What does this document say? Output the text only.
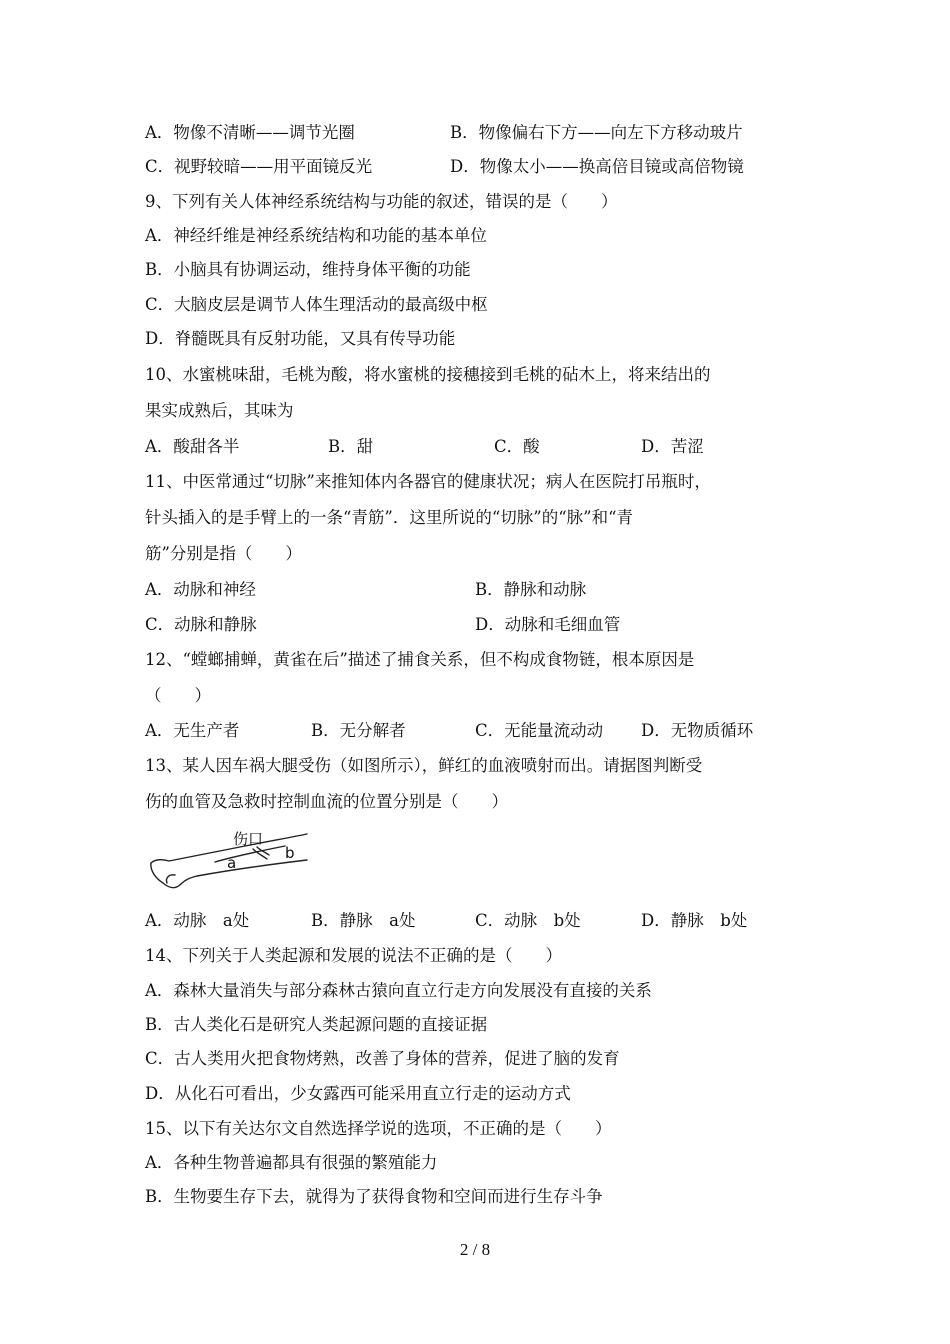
A．物像不清晰——调节光圈	B．物像偏右下方——向左下方移动玻片
C．视野较暗——用平面镜反光	D．物像太小——换高倍目镜或高倍物镜
9、下列有关人体神经系统结构与功能的叙述，错误的是（　　）
A．神经纤维是神经系统结构和功能的基本单位
B．小脑具有协调运动，维持身体平衡的功能
C．大脑皮层是调节人体生理活动的最高级中枢
D．脊髓既具有反射功能，又具有传导功能
10、水蜜桃味甜，毛桃为酸，将水蜜桃的接穗接到毛桃的砧木上，将来结出的
果实成熟后，其味为
A．酸甜各半	B．甜	C．酸	D．苦涩
11、中医常通过“切脉”来推知体内各器官的健康状况；病人在医院打吊瓶时，
针头插入的是手臂上的一条“青筋”．这里所说的“切脉”的“脉”和“青
筋”分别是指（　　）
A．动脉和神经	B．静脉和动脉
C．动脉和静脉	D．动脉和毛细血管
12、“螳螂捕蝉，黄雀在后”描述了捕食关系，但不构成食物链，根本原因是
（　　）
A．无生产者	B．无分解者	C．无能量流动动 D．无物质循环
13、某人因车祸大腿受伤（如图所示），鲜红的血液喷射而出。请据图判断受
伤的血管及急救时控制血流的位置分别是（　　）
伤口
a
b
A．动脉　a处	B．静脉　a处	C．动脉　b处	D．静脉　b处
14、下列关于人类起源和发展的说法不正确的是（　　）
A．森林大量消失与部分森林古猿向直立行走方向发展没有直接的关系
B．古人类化石是研究人类起源问题的直接证据
C．古人类用火把食物烤熟，改善了身体的营养，促进了脑的发育
D．从化石可看出，少女露西可能采用直立行走的运动方式
15、以下有关达尔文自然选择学说的选项，不正确的是（　　）
A．各种生物普遍都具有很强的繁殖能力
B．生物要生存下去，就得为了获得食物和空间而进行生存斗争
2 / 8
